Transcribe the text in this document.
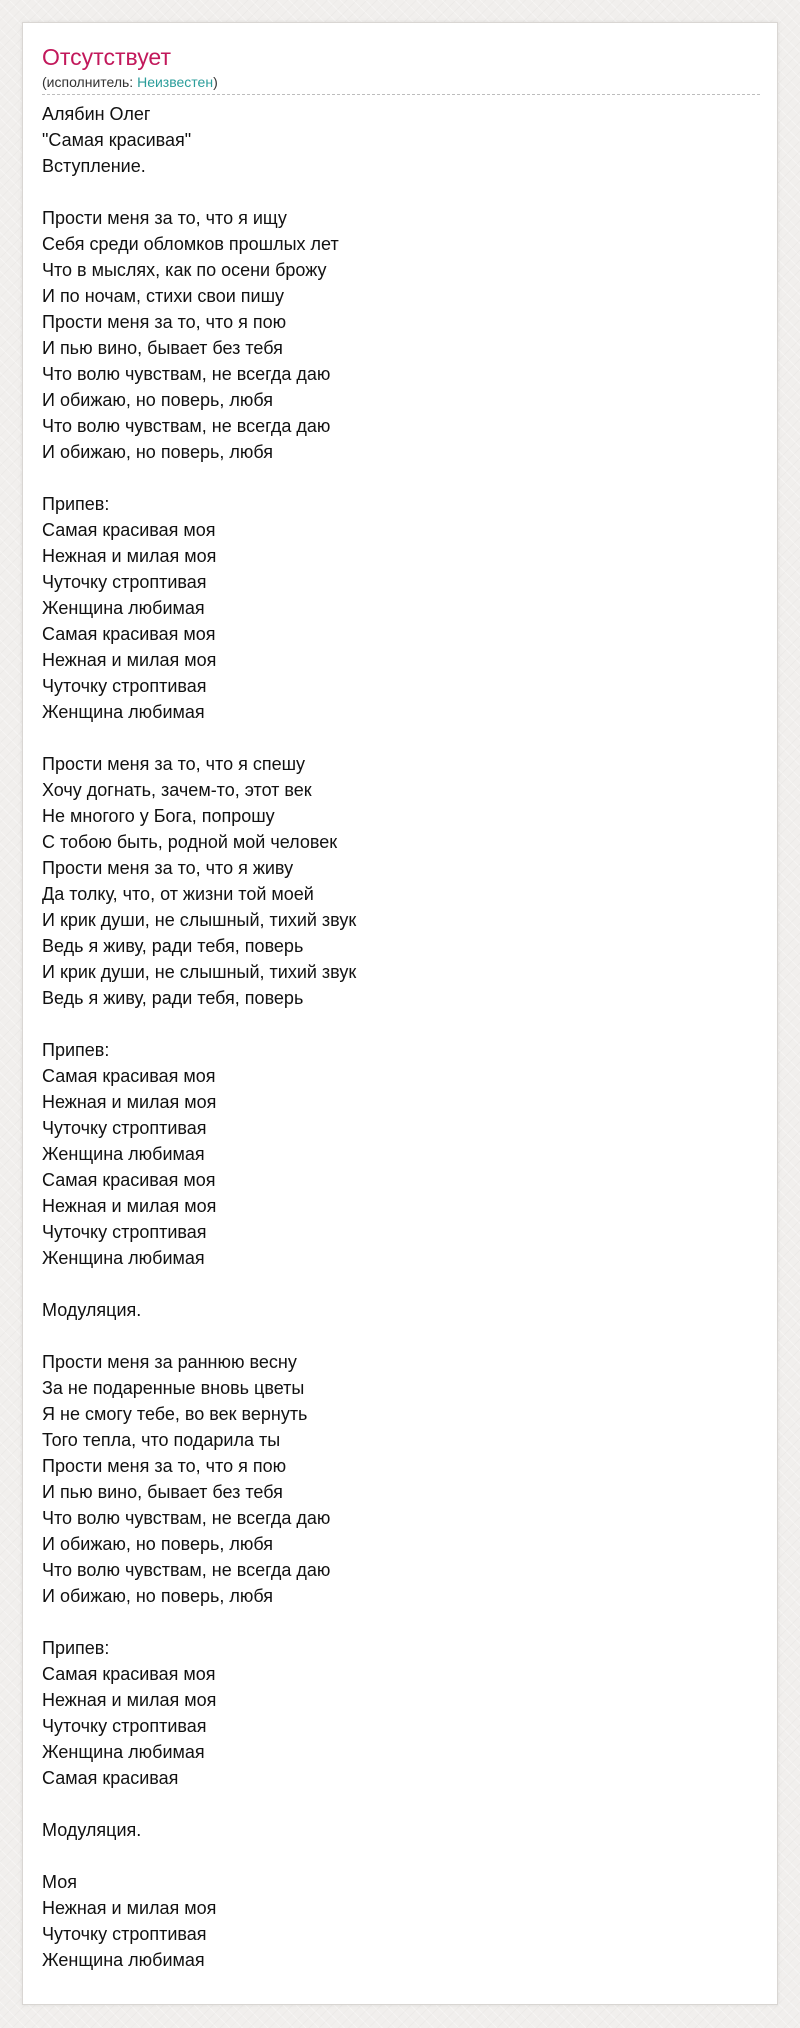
Отсутствует
(исполнитель: Неизвестен)
Алябин Олег
"Самая красивая"
Вступление.

Прости меня за то, что я ищу
Себя среди обломков прошлых лет
Что в мыслях, как по осени брожу
И по ночам, стихи свои пишу
Прости меня за то, что я пою
И пью вино, бывает без тебя
Что волю чувствам, не всегда даю
И обижаю, но поверь, любя
Что волю чувствам, не всегда даю
И обижаю, но поверь, любя

Припев:
Самая красивая моя
Нежная и милая моя
Чуточку строптивая
Женщина любимая
Самая красивая моя
Нежная и милая моя
Чуточку строптивая
Женщина любимая

Прости меня за то, что я спешу
Хочу догнать, зачем-то, этот век
Не многого у Бога, попрошу
С тобою быть, родной мой человек
Прости меня за то, что я живу
Да толку, что, от жизни той моей
И крик души, не слышный, тихий звук
Ведь я живу, ради тебя, поверь
И крик души, не слышный, тихий звук
Ведь я живу, ради тебя, поверь

Припев:
Самая красивая моя
Нежная и милая моя
Чуточку строптивая
Женщина любимая
Самая красивая моя
Нежная и милая моя
Чуточку строптивая
Женщина любимая

Модуляция.

Прости меня за раннюю весну
За не подаренные вновь цветы
Я не смогу тебе, во век вернуть
Того тепла, что подарила ты
Прости меня за то, что я пою
И пью вино, бывает без тебя
Что волю чувствам, не всегда даю
И обижаю, но поверь, любя
Что волю чувствам, не всегда даю
И обижаю, но поверь, любя

Припев:
Самая красивая моя
Нежная и милая моя
Чуточку строптивая
Женщина любимая
Самая красивая

Модуляция.

Моя
Нежная и милая моя
Чуточку строптивая
Женщина любимая
